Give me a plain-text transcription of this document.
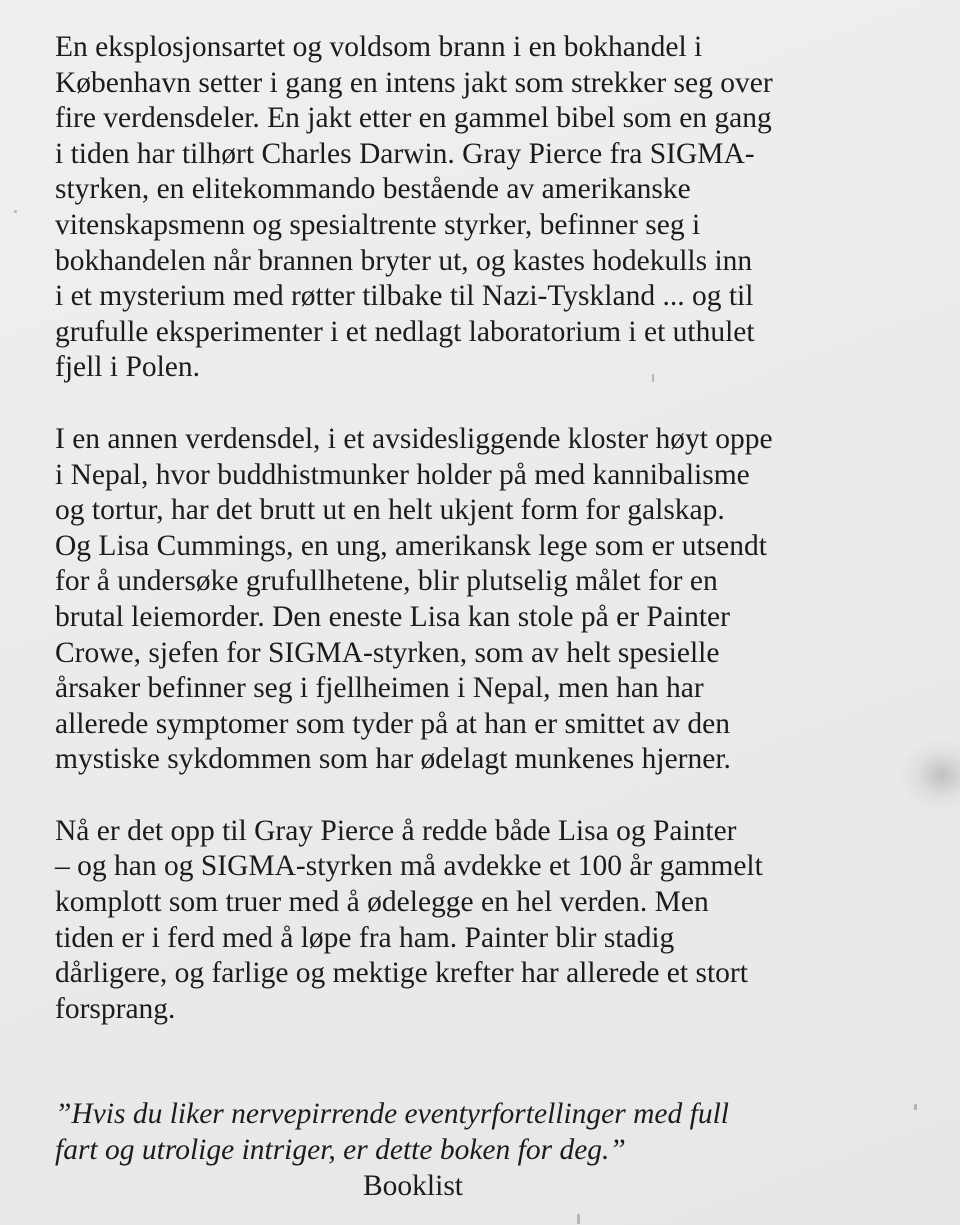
En eksplosjonsartet og voldsom brann i en bokhandel i
København setter i gang en intens jakt som strekker seg over
fire verdensdeler. En jakt etter en gammel bibel som en gang
i tiden har tilhørt Charles Darwin. Gray Pierce fra SIGMA-
styrken, en elitekommando bestående av amerikanske
vitenskapsmenn og spesialtrente styrker, befinner seg i
bokhandelen når brannen bryter ut, og kastes hodekulls inn
i et mysterium med røtter tilbake til Nazi-Tyskland ... og til
grufulle eksperimenter i et nedlagt laboratorium i et uthulet
fjell i Polen.

I en annen verdensdel, i et avsidesliggende kloster høyt oppe
i Nepal, hvor buddhistmunker holder på med kannibalisme
og tortur, har det brutt ut en helt ukjent form for galskap.
Og Lisa Cummings, en ung, amerikansk lege som er utsendt
for å undersøke grufullhetene, blir plutselig målet for en
brutal leiemorder. Den eneste Lisa kan stole på er Painter
Crowe, sjefen for SIGMA-styrken, som av helt spesielle
årsaker befinner seg i fjellheimen i Nepal, men han har
allerede symptomer som tyder på at han er smittet av den
mystiske sykdommen som har ødelagt munkenes hjerner.

Nå er det opp til Gray Pierce å redde både Lisa og Painter
– og han og SIGMA-styrken må avdekke et 100 år gammelt
komplott som truer med å ødelegge en hel verden. Men
tiden er i ferd med å løpe fra ham. Painter blir stadig
dårligere, og farlige og mektige krefter har allerede et stort
forsprang.

”Hvis du liker nervepirrende eventyrfortellinger med full
fart og utrolige intriger, er dette boken for deg.”

Booklist
